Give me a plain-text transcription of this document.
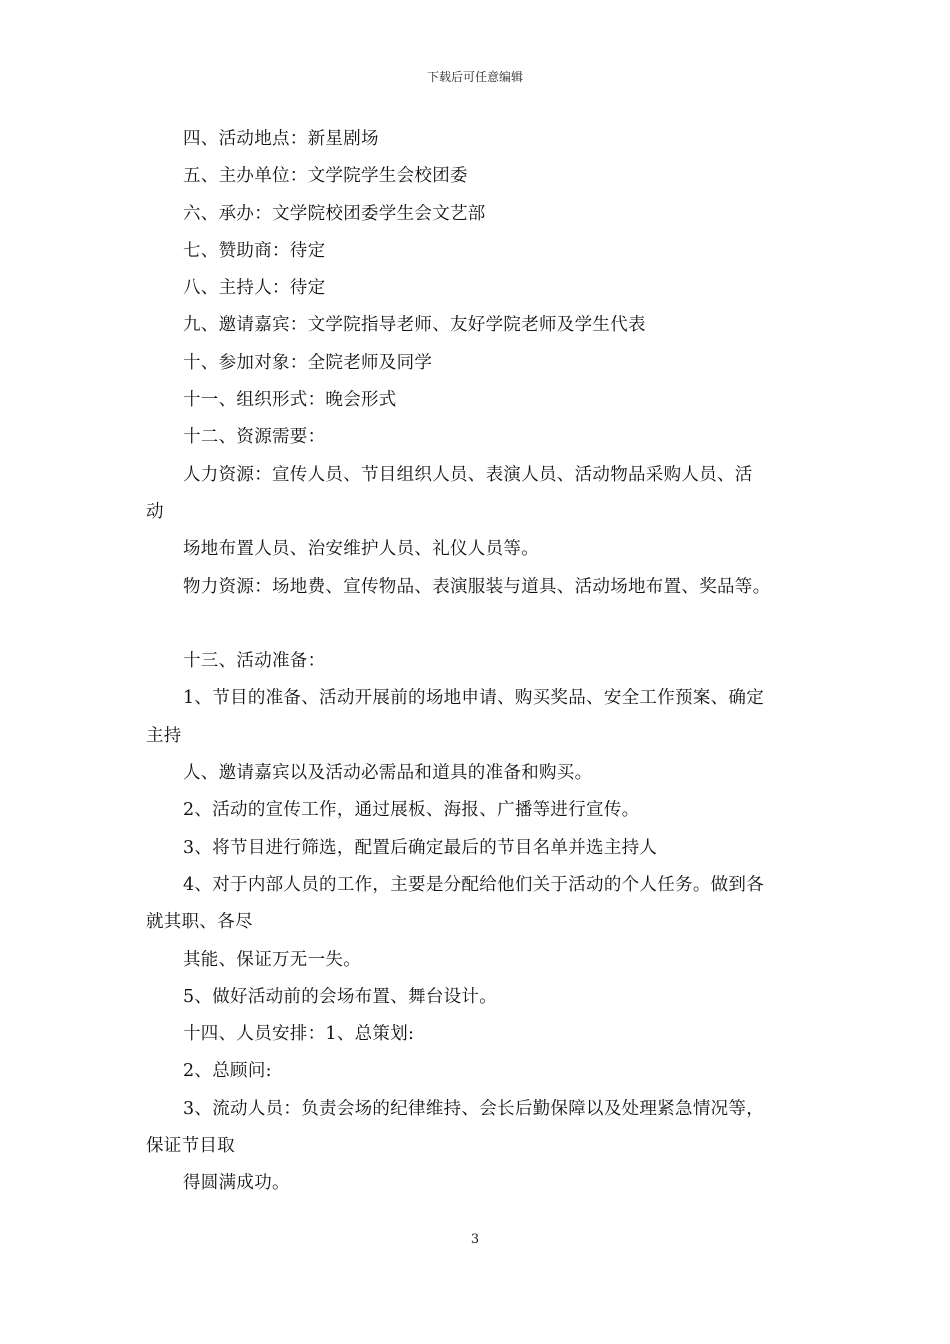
下载后可任意编辑
四、活动地点：新星剧场
五、主办单位：文学院学生会校团委
六、承办：文学院校团委学生会文艺部
七、赞助商：待定
八、主持人：待定
九、邀请嘉宾：文学院指导老师、友好学院老师及学生代表
十、参加对象：全院老师及同学
十一、组织形式：晚会形式
十二、资源需要：
人力资源：宣传人员、节目组织人员、表演人员、活动物品采购人员、活
动
场地布置人员、治安维护人员、礼仪人员等。
物力资源：场地费、宣传物品、表演服装与道具、活动场地布置、奖品等。
十三、活动准备：
1、节目的准备、活动开展前的场地申请、购买奖品、安全工作预案、确定
主持
人、邀请嘉宾以及活动必需品和道具的准备和购买。
2、活动的宣传工作，通过展板、海报、广播等进行宣传。
3、将节目进行筛选，配置后确定最后的节目名单并选主持人
4、对于内部人员的工作，主要是分配给他们关于活动的个人任务。做到各
就其职、各尽
其能、保证万无一失。
5、做好活动前的会场布置、舞台设计。
十四、人员安排：1、总策划:
2、总顾问:
3、流动人员：负责会场的纪律维持、会长后勤保障以及处理紧急情况等，
保证节目取
得圆满成功。
3
